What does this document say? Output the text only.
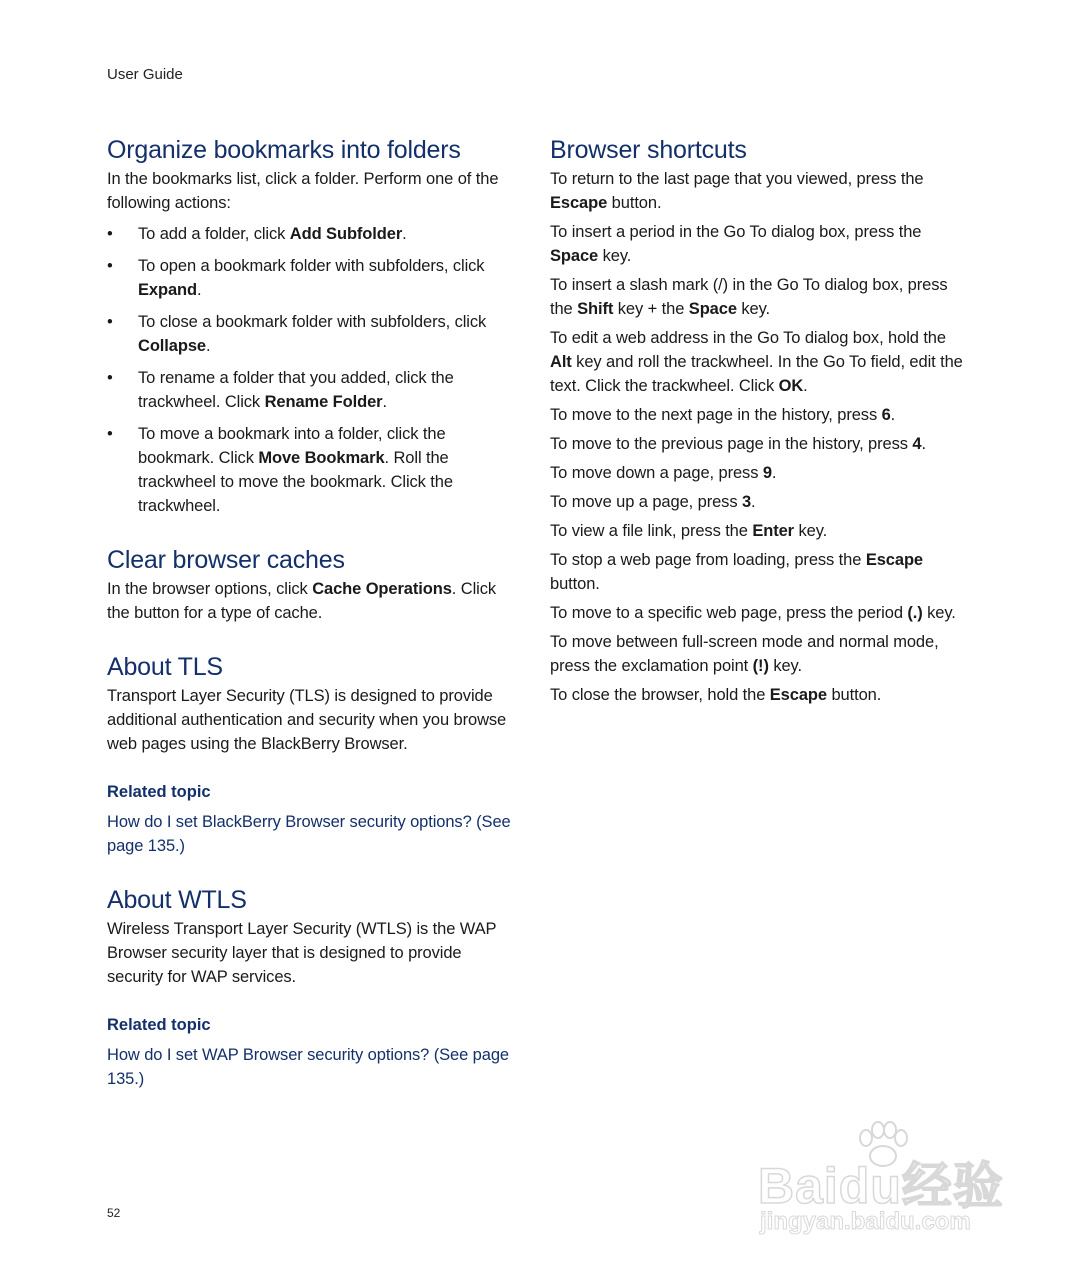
User Guide
Organize bookmarks into folders

In the bookmarks list, click a folder. Perform one of the following actions:

• To add a folder, click Add Subfolder.
• To open a bookmark folder with subfolders, click Expand.
• To close a bookmark folder with subfolders, click Collapse.
• To rename a folder that you added, click the trackwheel. Click Rename Folder.
• To move a bookmark into a folder, click the bookmark. Click Move Bookmark. Roll the trackwheel to move the bookmark. Click the trackwheel.
Clear browser caches

In the browser options, click Cache Operations. Click the button for a type of cache.

About TLS

Transport Layer Security (TLS) is designed to provide additional authentication and security when you browse web pages using the BlackBerry Browser.

Related topic
How do I set BlackBerry Browser security options? (See page 135.)
About WTLS

Wireless Transport Layer Security (WTLS) is the WAP Browser security layer that is designed to provide security for WAP services.

Related topic
How do I set WAP Browser security options? (See page 135.)
Browser shortcuts

To return to the last page that you viewed, press the Escape button.

To insert a period in the Go To dialog box, press the Space key.

To insert a slash mark (/) in the Go To dialog box, press the Shift key + the Space key.

To edit a web address in the Go To dialog box, hold the Alt key and roll the trackwheel. In the Go To field, edit the text. Click the trackwheel. Click OK.

To move to the next page in the history, press 6.

To move to the previous page in the history, press 4.

To move down a page, press 9.

To move up a page, press 3.

To view a file link, press the Enter key.

To stop a web page from loading, press the Escape button.

To move to a specific web page, press the period (.) key.

To move between full-screen mode and normal mode, press the exclamation point (!) key.

To close the browser, hold the Escape button.

52	Baidu经验
jingyan.baidu.com
